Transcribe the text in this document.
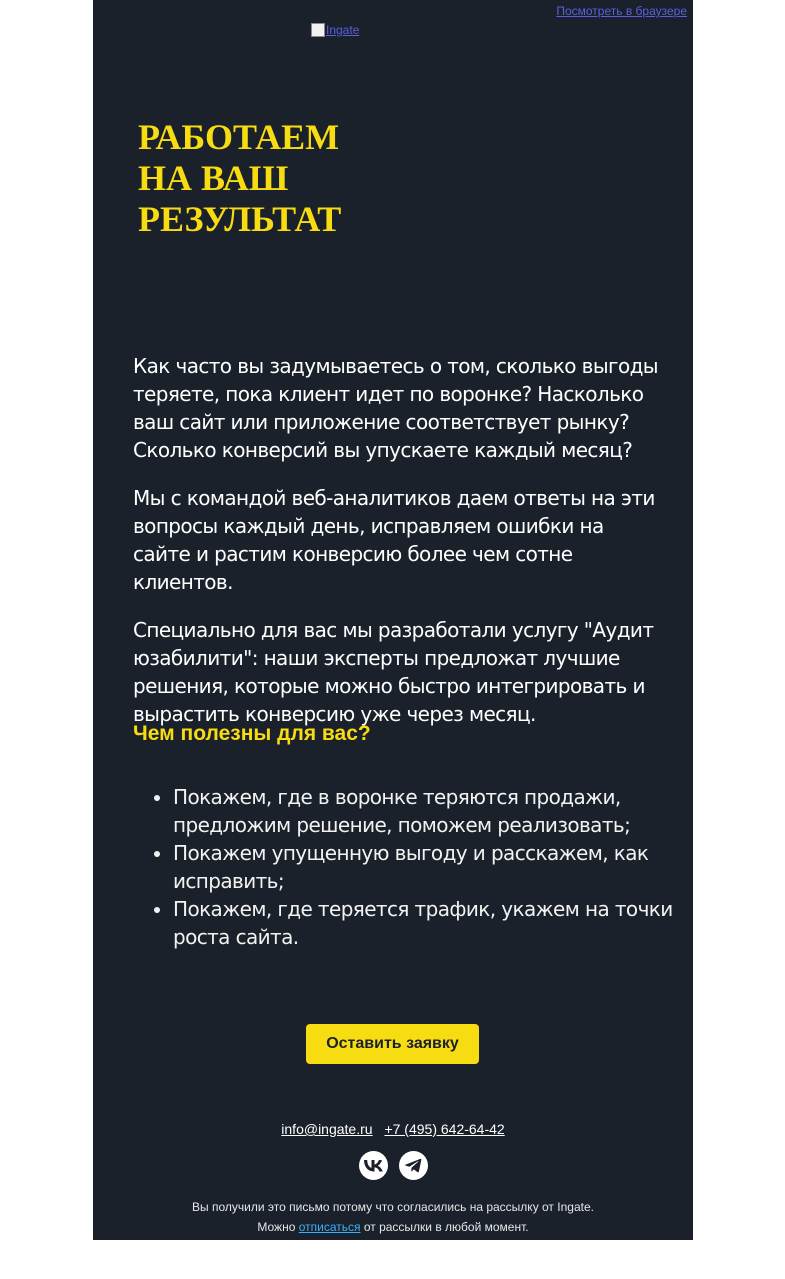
Посмотреть в браузере
Ingate
РАБОТАЕМ
НА ВАШ
РЕЗУЛЬТАТ

Как часто вы задумываетесь о том, сколько выгоды теряете, пока клиент идет по воронке? Насколько ваш сайт или приложение соответствует рынку? Сколько конверсий вы упускаете каждый месяц?

Мы с командой веб-аналитиков даем ответы на эти вопросы каждый день, исправляем ошибки на сайте и растим конверсию более чем сотне клиентов.

Специально для вас мы разработали услугу "Аудит юзабилити": наши эксперты предложат лучшие решения, которые можно быстро интегрировать и вырастить конверсию уже через месяц.

Чем полезны для вас?
• Покажем, где в воронке теряются продажи, предложим решение, поможем реализовать;
• Покажем упущенную выгоду и расскажем, как исправить;
• Покажем, где теряется трафик, укажем на точки роста сайта.
Оставить заявку
info@ingate.ru +7 (495) 642-64-42
Вы получили это письмо потому что согласились на рассылку от Ingate.
Можно отписаться от рассылки в любой момент.
